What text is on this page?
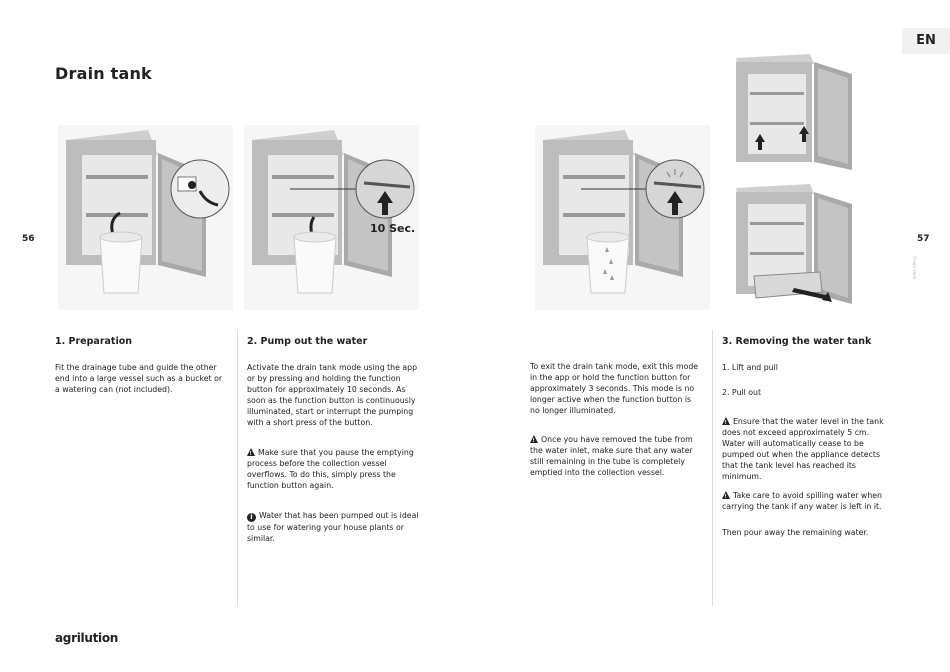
Drain tank
EN
56	57
Drain tank
10 Sec.
1. Preparation
Fit the drainage tube and guide the other end into a large vessel such as a bucket or a watering can (not included).
2. Pump out the water
Activate the drain tank mode using the app or by pressing and holding the function button for approximately 10 seconds. As soon as the function button is continuously illuminated, start or interrupt the pumping with a short press of the button.
!Make sure that you pause the emptying process before the collection vessel overflows. To do this, simply press the function button again.
i Water that has been pumped out is ideal to use for watering your house plants or similar.
To exit the drain tank mode, exit this mode in the app or hold the function button for approximately 3 seconds. This mode is no longer active when the function button is no longer illuminated.
!Once you have removed the tube from the water inlet, make sure that any water still remaining in the tube is completely emptied into the collection vessel.
3. Removing the water tank
1. Lift and pull
2. Pull out
!Ensure that the water level in the tank does not exceed approximately 5 cm. Water will automatically cease to be pumped out when the appliance detects that the tank level has reached its minimum.
!Take care to avoid spilling water when carrying the tank if any water is left in it.
Then pour away the remaining water.
agrilution
